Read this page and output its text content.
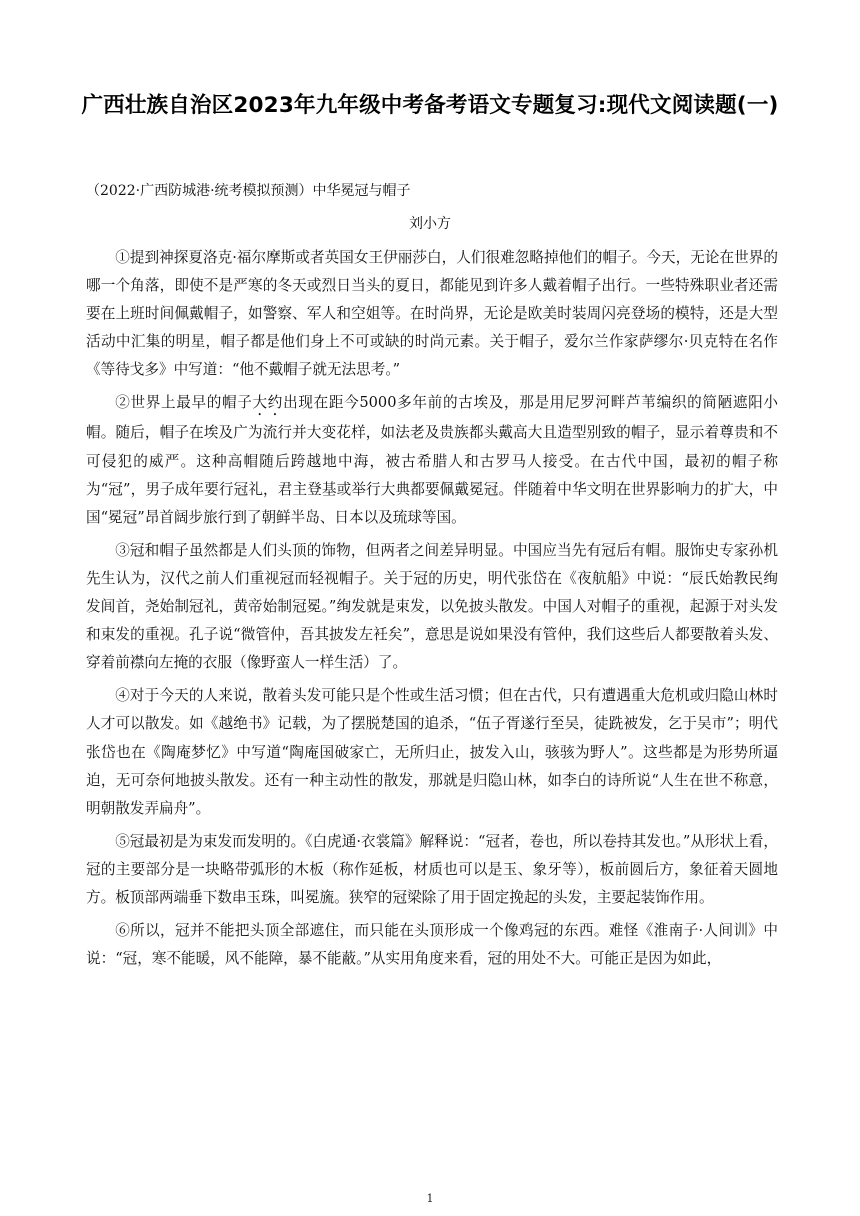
广西壮族自治区2023年九年级中考备考语文专题复习:现代文阅读题(一)
（2022·广西防城港·统考模拟预测）中华冕冠与帽子
刘小方

①提到神探夏洛克·福尔摩斯或者英国女王伊丽莎白，人们很难忽略掉他们的帽子。今天，无论在世界的哪一个角落，即使不是严寒的冬天或烈日当头的夏日，都能见到许多人戴着帽子出行。一些特殊职业者还需要在上班时间佩戴帽子，如警察、军人和空姐等。在时尚界，无论是欧美时装周闪亮登场的模特，还是大型活动中汇集的明星，帽子都是他们身上不可或缺的时尚元素。关于帽子，爱尔兰作家萨缪尔·贝克特在名作《等待戈多》中写道：“他不戴帽子就无法思考。”

②世界上最早的帽子大约出现在距今5000多年前的古埃及，那是用尼罗河畔芦苇编织的简陋遮阳小帽。随后，帽子在埃及广为流行并大变花样，如法老及贵族都头戴高大且造型别致的帽子，显示着尊贵和不可侵犯的威严。这种高帽随后跨越地中海，被古希腊人和古罗马人接受。在古代中国，最初的帽子称为“冠”，男子成年要行冠礼，君主登基或举行大典都要佩戴冕冠。伴随着中华文明在世界影响力的扩大，中国“冕冠”昂首阔步旅行到了朝鲜半岛、日本以及琉球等国。

③冠和帽子虽然都是人们头顶的饰物，但两者之间差异明显。中国应当先有冠后有帽。服饰史专家孙机先生认为，汉代之前人们重视冠而轻视帽子。关于冠的历史，明代张岱在《夜航船》中说：“辰氏始教民绚发闾首，尧始制冠礼，黄帝始制冠冕。”绚发就是束发，以免披头散发。中国人对帽子的重视，起源于对头发和束发的重视。孔子说“微管仲，吾其披发左衽矣”，意思是说如果没有管仲，我们这些后人都要散着头发、穿着前襟向左掩的衣服（像野蛮人一样生活）了。

④对于今天的人来说，散着头发可能只是个性或生活习惯；但在古代，只有遭遇重大危机或归隐山林时人才可以散发。如《越绝书》记载，为了摆脱楚国的追杀，“伍子胥遂行至吴，徒跣被发，乞于吴市”；明代张岱也在《陶庵梦忆》中写道“陶庵国破家亡，无所归止，披发入山，骇骇为野人”。这些都是为形势所逼迫，无可奈何地披头散发。还有一种主动性的散发，那就是归隐山林，如李白的诗所说“人生在世不称意，明朝散发弄扁舟”。

⑤冠最初是为束发而发明的。《白虎通·衣裳篇》解释说：“冠者，卷也，所以卷持其发也。”从形状上看，冠的主要部分是一块略带弧形的木板（称作延板，材质也可以是玉、象牙等），板前圆后方，象征着天圆地方。板顶部两端垂下数串玉珠，叫冕旒。狭窄的冠梁除了用于固定挽起的头发，主要起装饰作用。

⑥所以，冠并不能把头顶全部遮住，而只能在头顶形成一个像鸡冠的东西。难怪《淮南子·人间训》中说：“冠，寒不能暖，风不能障，暴不能蔽。”从实用角度来看，冠的用处不大。可能正是因为如此，

1
